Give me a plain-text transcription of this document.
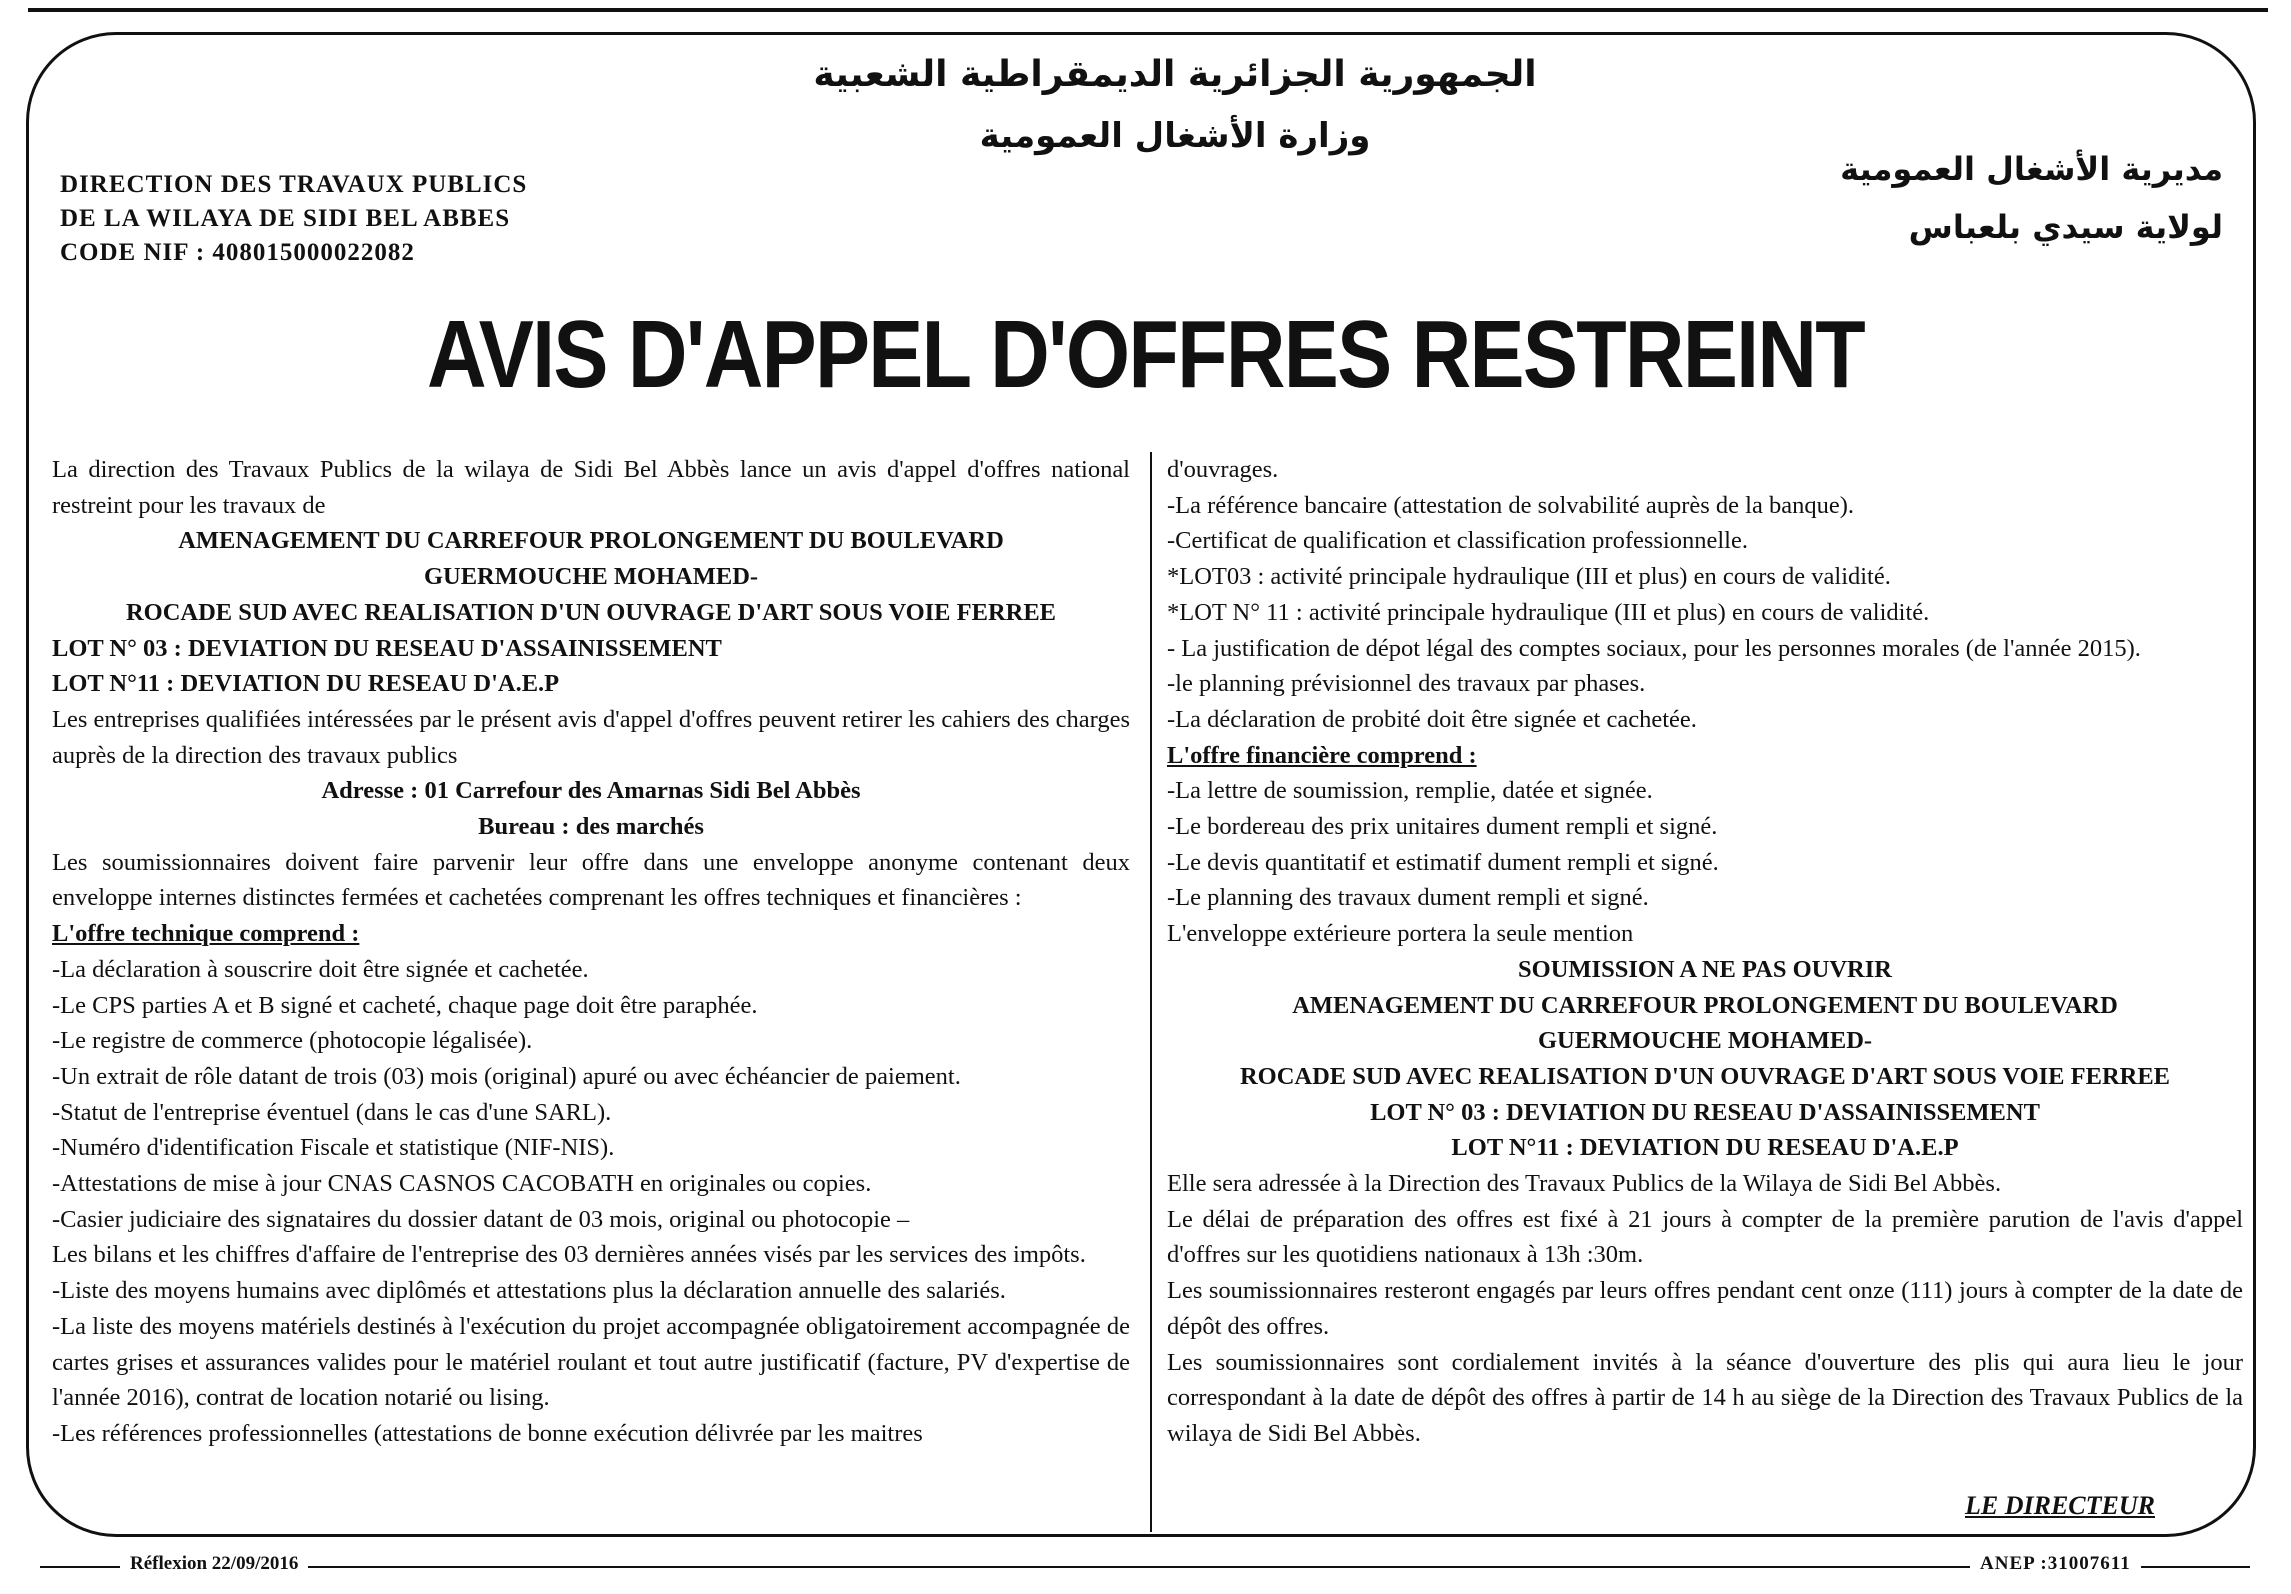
الجمهورية الجزائرية الديمقراطية الشعبية
وزارة الأشغال العمومية
مديرية الأشغال العمومية
لولاية سيدي بلعباس
DIRECTION DES TRAVAUX PUBLICS
DE LA WILAYA DE SIDI BEL ABBES
CODE NIF : 408015000022082
AVIS D'APPEL D'OFFRES RESTREINT

La direction des Travaux Publics de la wilaya de Sidi Bel Abbès lance un avis d'appel d'offres national restreint pour les travaux de

AMENAGEMENT DU CARREFOUR PROLONGEMENT DU BOULEVARD

GUERMOUCHE MOHAMED-

ROCADE SUD AVEC REALISATION D'UN OUVRAGE D'ART SOUS VOIE FERREE

LOT N° 03 : DEVIATION DU RESEAU D'ASSAINISSEMENT

LOT N°11 : DEVIATION DU RESEAU D'A.E.P

Les entreprises qualifiées intéressées par le présent avis d'appel d'offres peuvent retirer les cahiers des charges auprès de la direction des travaux publics

Adresse : 01 Carrefour des Amarnas Sidi Bel Abbès

Bureau : des marchés

Les soumissionnaires doivent faire parvenir leur offre dans une enveloppe anonyme contenant deux enveloppe internes distinctes fermées et cachetées comprenant les offres techniques et financières :

L'offre technique comprend :

-La déclaration à souscrire doit être signée et cachetée.

-Le CPS parties A et B signé et cacheté, chaque page doit être paraphée.

-Le registre de commerce (photocopie légalisée).

-Un extrait de rôle datant de trois (03) mois (original) apuré ou avec échéancier de paiement.

-Statut de l'entreprise éventuel (dans le cas d'une SARL).

-Numéro d'identification Fiscale et statistique (NIF-NIS).

-Attestations de mise à jour CNAS CASNOS CACOBATH en originales ou copies.

-Casier judiciaire des signataires du dossier datant de 03 mois, original ou photocopie –

Les bilans et les chiffres d'affaire de l'entreprise des 03 dernières années visés par les services des impôts.

-Liste des moyens humains avec diplômés et attestations plus la déclaration annuelle des salariés.

-La liste des moyens matériels destinés à l'exécution du projet accompagnée obligatoirement accompagnée de cartes grises et assurances valides pour le matériel roulant et tout autre justificatif (facture, PV d'expertise de l'année 2016), contrat de location notarié ou lising.

-Les références professionnelles (attestations de bonne exécution délivrée par les maitres

d'ouvrages.

-La référence bancaire (attestation de solvabilité auprès de la banque).

-Certificat de qualification et classification professionnelle.

*LOT03 : activité principale hydraulique (III et plus) en cours de validité.

*LOT N° 11 : activité principale hydraulique (III et plus) en cours de validité.

- La justification de dépot légal des comptes sociaux, pour les personnes morales (de l'année 2015).

-le planning prévisionnel des travaux par phases.

-La déclaration de probité doit être signée et cachetée.

L'offre financière comprend :

-La lettre de soumission, remplie, datée et signée.

-Le bordereau des prix unitaires dument rempli et signé.

-Le devis quantitatif et estimatif dument rempli et signé.

-Le planning des travaux dument rempli et signé.

L'enveloppe extérieure portera la seule mention

SOUMISSION A NE PAS OUVRIR

AMENAGEMENT DU CARREFOUR PROLONGEMENT DU BOULEVARD

GUERMOUCHE MOHAMED-

ROCADE SUD AVEC REALISATION D'UN OUVRAGE D'ART SOUS VOIE FERREE

LOT N° 03 : DEVIATION DU RESEAU D'ASSAINISSEMENT

LOT N°11 : DEVIATION DU RESEAU D'A.E.P

Elle sera adressée à la Direction des Travaux Publics de la Wilaya de Sidi Bel Abbès.

Le délai de préparation des offres est fixé à 21 jours à compter de la première parution de l'avis d'appel d'offres sur les quotidiens nationaux à 13h :30m.

Les soumissionnaires resteront engagés par leurs offres pendant cent onze (111) jours à compter de la date de dépôt des offres.

Les soumissionnaires sont cordialement invités à la séance d'ouverture des plis qui aura lieu le jour correspondant à la date de dépôt des offres à partir de 14 h au siège de la Direction des Travaux Publics de la wilaya de Sidi Bel Abbès.

LE DIRECTEUR
Réflexion 22/09/2016	ANEP :31007611
